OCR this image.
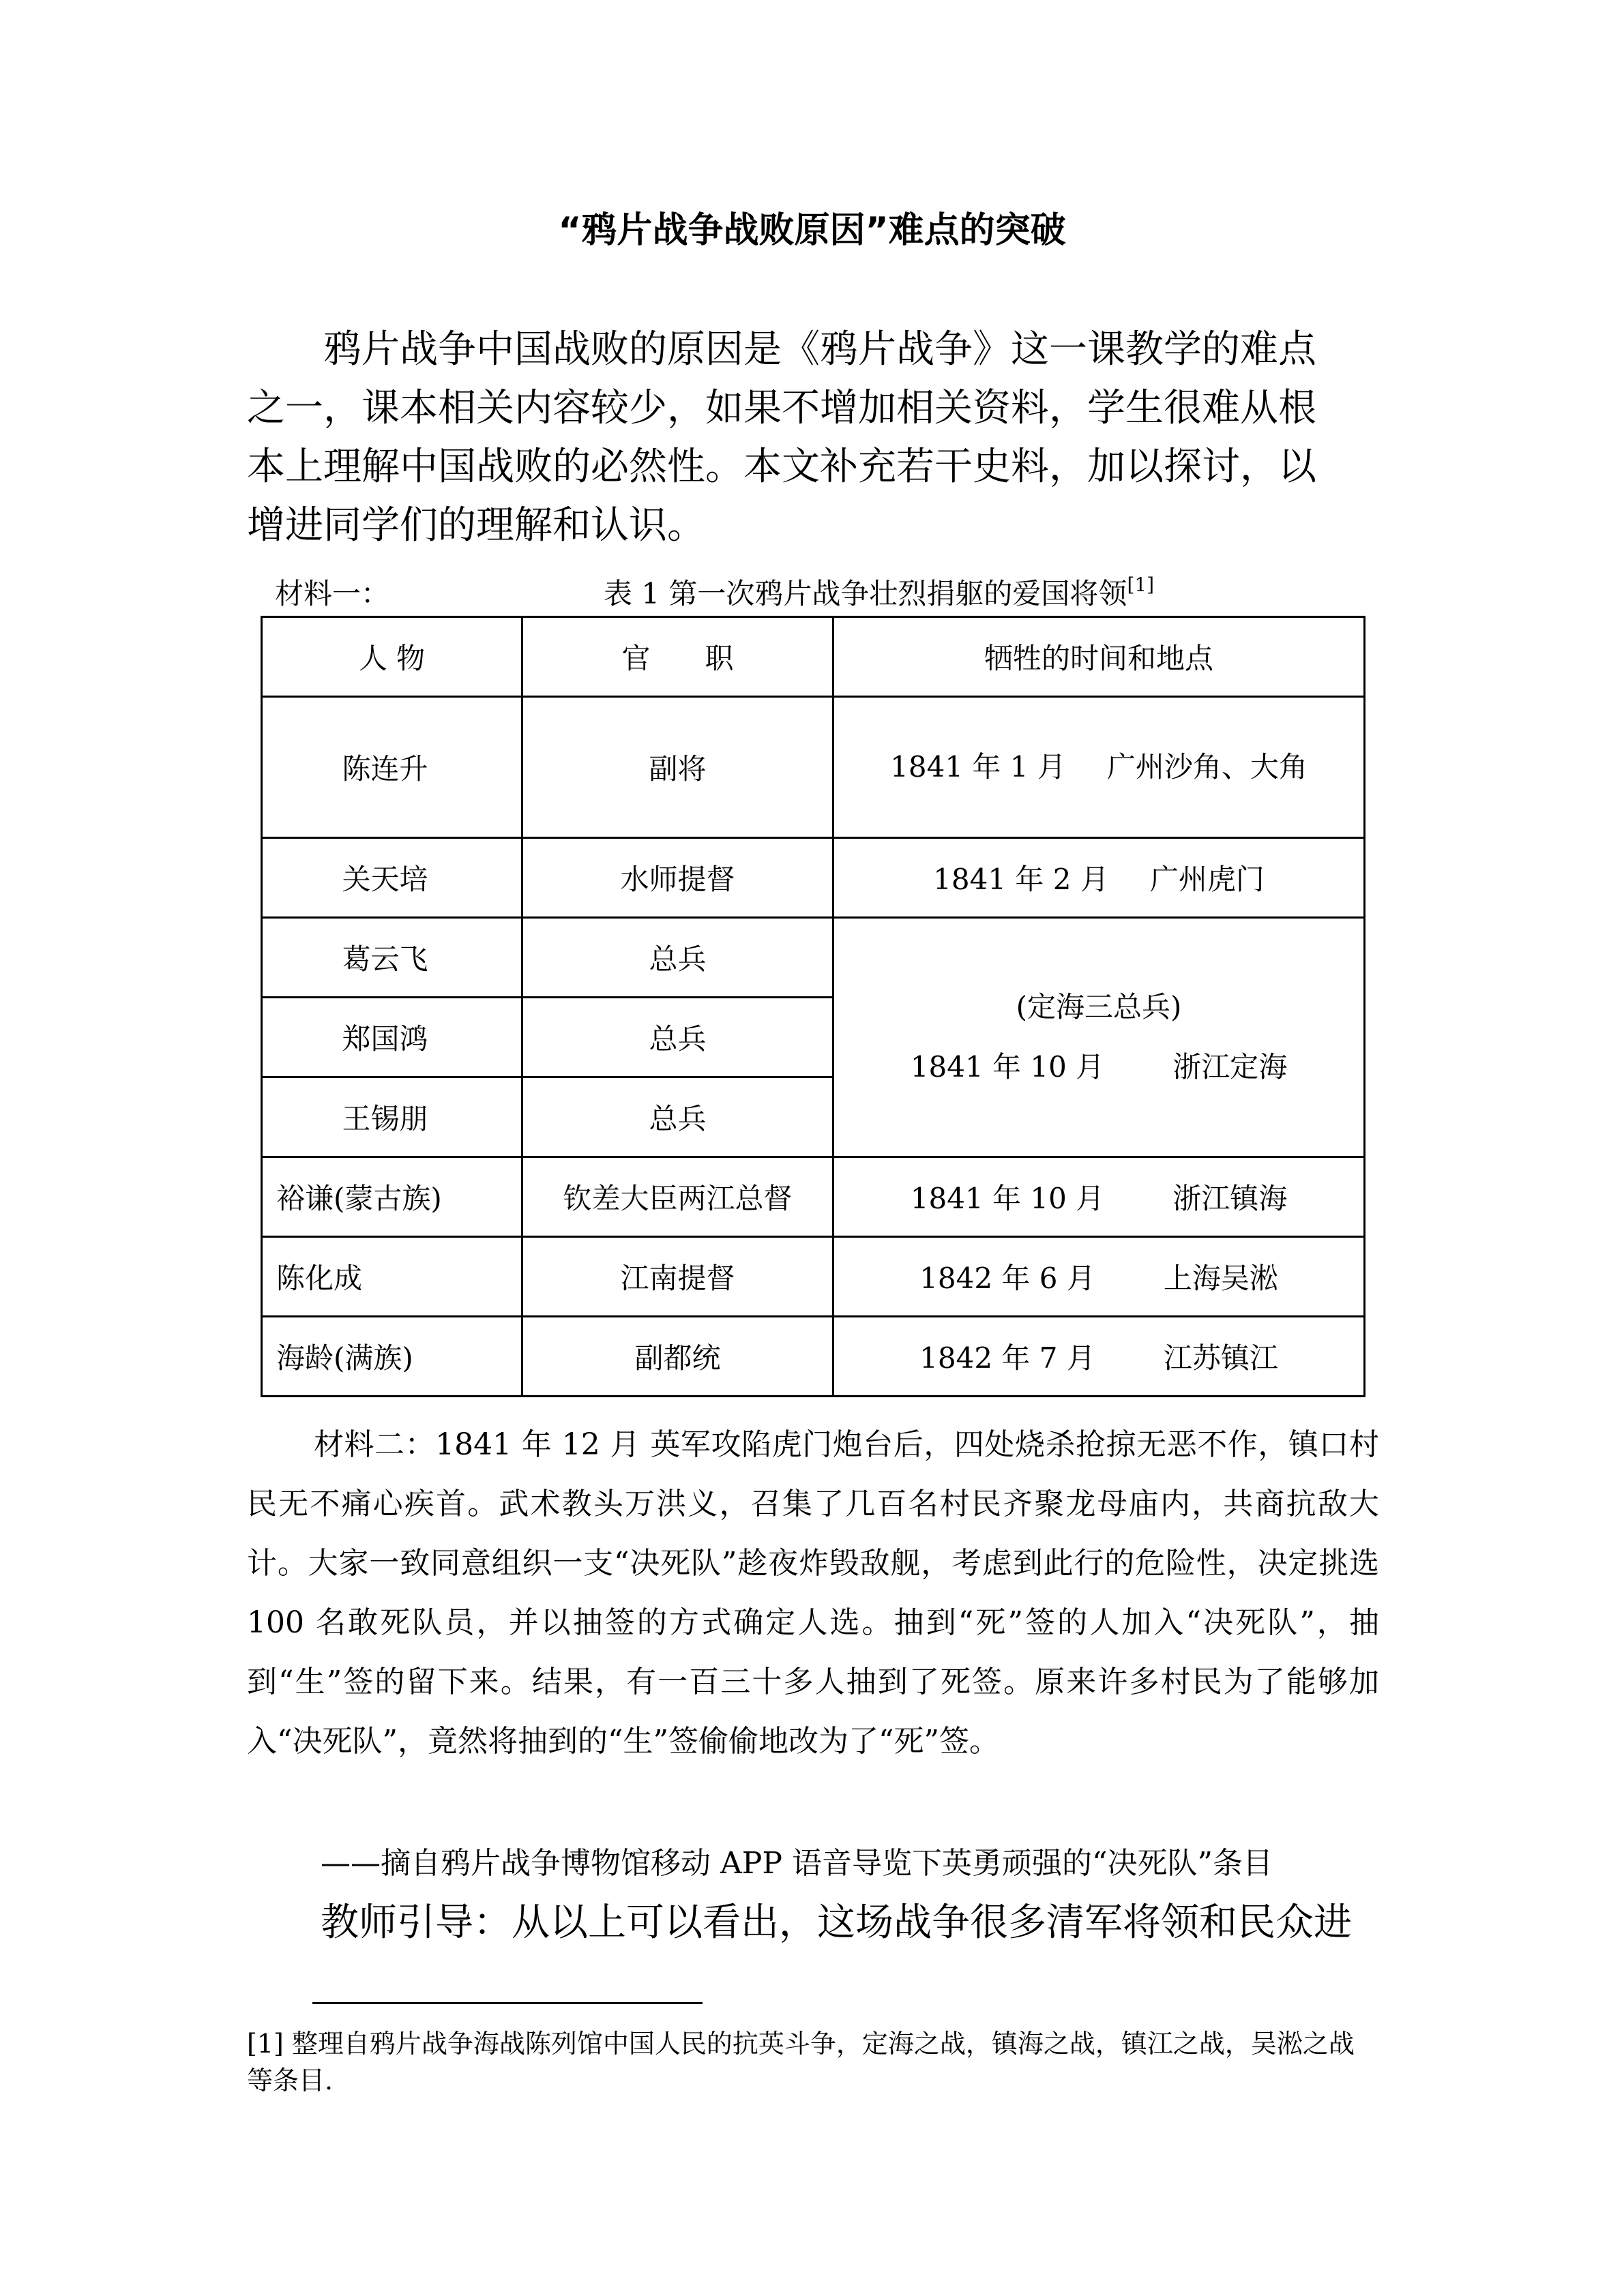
“鸦片战争战败原因”难点的突破

鸦片战争中国战败的原因是《鸦片战争》这一课教学的难点之一，课本相关内容较少，如果不增加相关资料，学生很难从根本上理解中国战败的必然性。本文补充若干史料，加以探讨，以增进同学们的理解和认识。

材料一：	表 1 第一次鸦片战争壮烈捐躯的爱国将领[1]
人 物	官      职	牺牲的时间和地点
陈连升	副将	1841 年 1 月 广州沙角、大角
关天培	水师提督	1841 年 2 月 广州虎门
葛云飞	总兵	(定海三总兵)
1841 年 10 月 浙江定海

郑国鸿	总兵	
王锡朋	总兵	
裕谦(蒙古族)	钦差大臣两江总督	1841 年 10 月 浙江镇海
陈化成	江南提督	1842 年 6 月 上海吴淞
海龄(满族)	副都统	1842 年 7 月 江苏镇江

材料二：1841 年 12 月 英军攻陷虎门炮台后，四处烧杀抢掠无恶不作，镇口村民无不痛心疾首。武术教头万洪义，召集了几百名村民齐聚龙母庙内，共商抗敌大计。大家一致同意组织一支“决死队”趁夜炸毁敌舰，考虑到此行的危险性，决定挑选 100 名敢死队员，并以抽签的方式确定人选。抽到“死”签的人加入“决死队”，抽到“生”签的留下来。结果，有一百三十多人抽到了死签。原来许多村民为了能够加入“决死队”，竟然将抽到的“生”签偷偷地改为了“死”签。

——摘自鸦片战争博物馆移动 APP 语音导览下英勇顽强的“决死队”条目
教师引导：从以上可以看出，这场战争很多清军将领和民众进

[1] 整理自鸦片战争海战陈列馆中国人民的抗英斗争，定海之战，镇海之战，镇江之战，吴淞之战等条目.
